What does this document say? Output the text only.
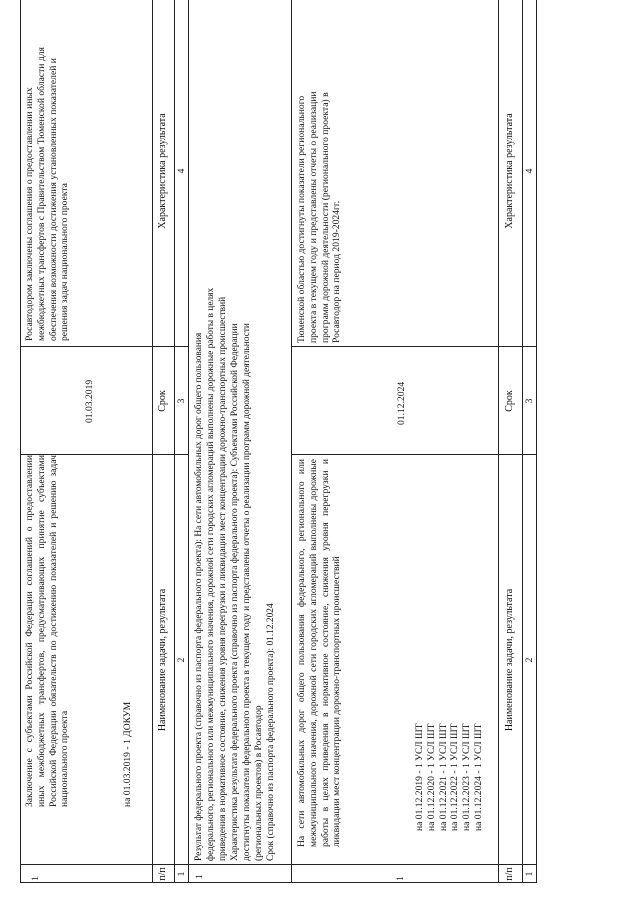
1
Заключение с субъектами Российской Федерации соглашений о предоставлении иных межбюджетных трансфертов, предусматривающих принятие субъектами Российской Федерации обязательств по достижению показателей и решению задач национального проекта	на 01.03.2019 - 1 ДОКУМ
01.03.2019
Росавтодором заключены соглашения о предоставлении иных межбюджетных трансфертов с Правительством Тюменской области для обеспечения возможности достижения установленных показателей и решения задач национального проекта
п/п
Наименование задачи, результата
Срок
Характеристика результата
1
2
3
4
1
Результат федерального проекта (справочно из паспорта федерального проекта): На сети автомобильных дорог общего пользования федерального, регионального или межмуниципального значения, дорожной сети городских агломераций выполнены дорожные работы в целях приведения в нормативное состояние, снижения уровня перегрузки и ликвидации мест концентрации дорожно-транспортных происшествий Характеристика результата федерального проекта (справочно из паспорта федерального проекта): Субъектами Российской Федерации достигнуты показатели федерального проекта в текущем году и представлены отчеты о реализации программ дорожной деятельности (региональных проектов) в Росавтодор Срок (справочно из паспорта федерального проекта): 01.12.2024
1
На сети автомобильных дорог общего пользования федерального, регионального или межмуниципального значения, дорожной сети городских агломераций выполнены дорожные работы в целях приведения в нормативное состояние, снижения уровня перегрузки и ликвидации мест концентрации дорожно-транспортных происшествий	на 01.12.2019 - 1 УСЛ ШТ на 01.12.2020 - 1 УСЛ ШТ на 01.12.2021 - 1 УСЛ ШТ на 01.12.2022 - 1 УСЛ ШТ на 01.12.2023 - 1 УСЛ ШТ на 01.12.2024 - 1 УСЛ ШТ
01.12.2024
Тюменской областью достигнуты показатели регионального проекта в текущем году и представлены отчеты о реализации программ дорожной деятельности (регионального проекта) в Росавтодор на период 2019-2024гг.
п/п
Наименование задачи, результата
Срок
Характеристика результата
1
2
3
4
